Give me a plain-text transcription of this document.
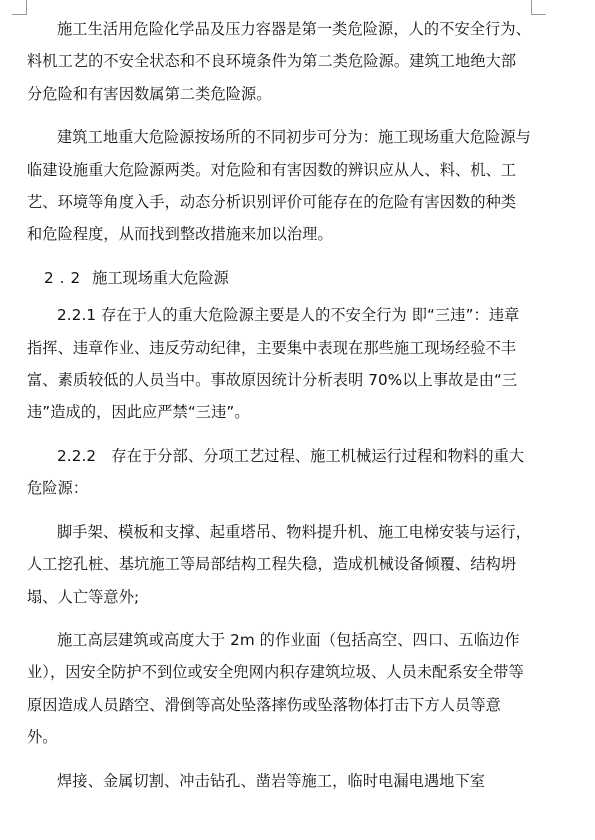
施工生活用危险化学品及压力容器是第一类危险源，人的不安全行为、料机工艺的不安全状态和不良环境条件为第二类危险源。建筑工地绝大部分危险和有害因数属第二类危险源。

建筑工地重大危险源按场所的不同初步可分为：施工现场重大危险源与临建设施重大危险源两类。对危险和有害因数的辨识应从人、料、机、工艺、环境等角度入手，动态分析识别评价可能存在的危险有害因数的种类和危险程度，从而找到整改措施来加以治理。

2.2 施工现场重大危险源

2.2.1 存在于人的重大危险源主要是人的不安全行为 即“三违”：违章指挥、违章作业、违反劳动纪律，主要集中表现在那些施工现场经验不丰富、素质较低的人员当中。事故原因统计分析表明 70%以上事故是由“三违”造成的，因此应严禁“三违”。

2.2.2　存在于分部、分项工艺过程、施工机械运行过程和物料的重大危险源：

脚手架、模板和支撑、起重塔吊、物料提升机、施工电梯安装与运行，人工挖孔桩、基坑施工等局部结构工程失稳，造成机械设备倾覆、结构坍塌、人亡等意外;

施工高层建筑或高度大于 2m 的作业面（包括高空、四口、五临边作业），因安全防护不到位或安全兜网内积存建筑垃圾、人员未配系安全带等原因造成人员踏空、滑倒等高处坠落摔伤或坠落物体打击下方人员等意外。

焊接、金属切割、冲击钻孔、凿岩等施工，临时电漏电遇地下室
